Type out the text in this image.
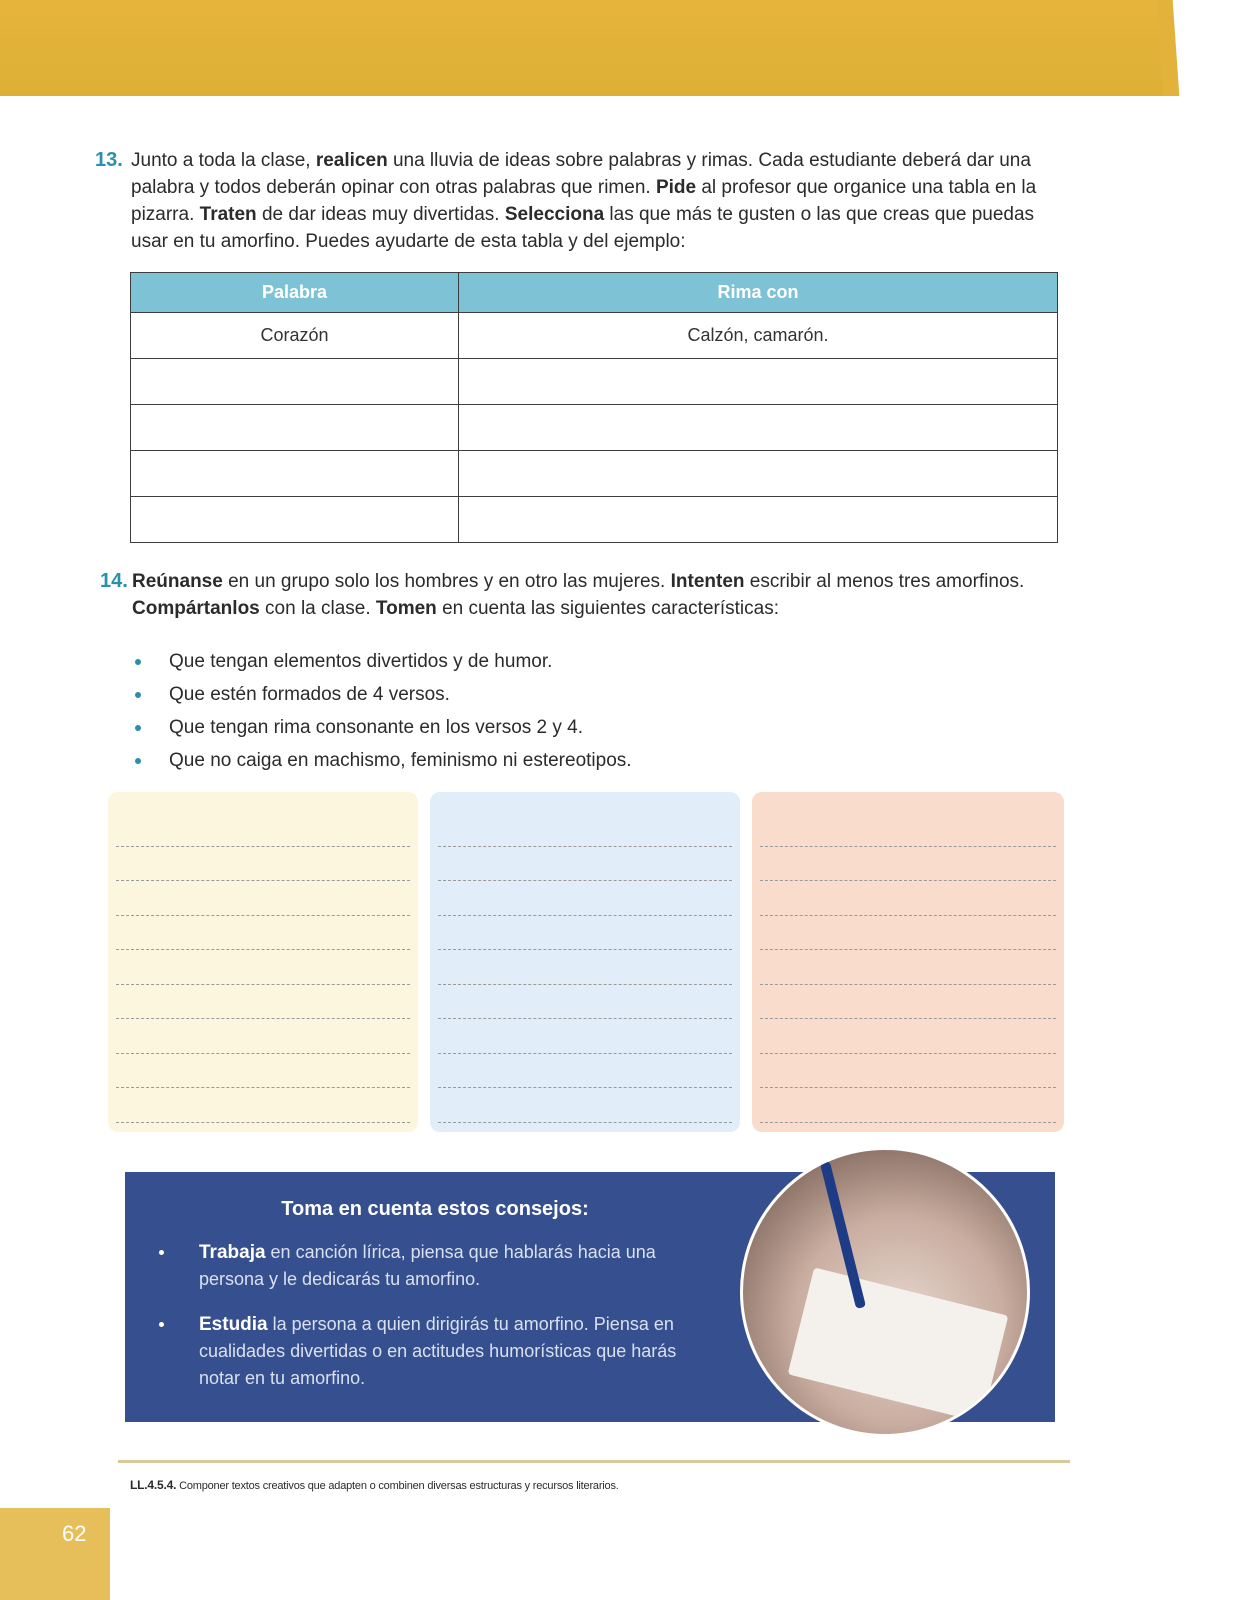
13. Junto a toda la clase, realicen una lluvia de ideas sobre palabras y rimas. Cada estudiante deberá dar una palabra y todos deberán opinar con otras palabras que rimen. Pide al profesor que organice una tabla en la pizarra. Traten de dar ideas muy divertidas. Selecciona las que más te gusten o las que creas que puedas usar en tu amorfino. Puedes ayudarte de esta tabla y del ejemplo:
Palabra	Rima con
Corazón	Calzón, camarón.

14. Reúnanse en un grupo solo los hombres y en otro las mujeres. Intenten escribir al menos tres amorfinos. Compártanlos con la clase. Tomen en cuenta las siguientes características:
Que tengan elementos divertidos y de humor.
Que estén formados de 4 versos.
Que tengan rima consonante en los versos 2 y 4.
Que no caiga en machismo, feminismo ni estereotipos.
Toma en cuenta estos consejos:
Trabaja en canción lírica, piensa que hablarás hacia una persona y le dedicarás tu amorfino.
Estudia la persona a quien dirigirás tu amorfino. Piensa en cualidades divertidas o en actitudes humorísticas que harás notar en tu amorfino.
LL.4.5.4. Componer textos creativos que adapten o combinen diversas estructuras y recursos literarios.
62
